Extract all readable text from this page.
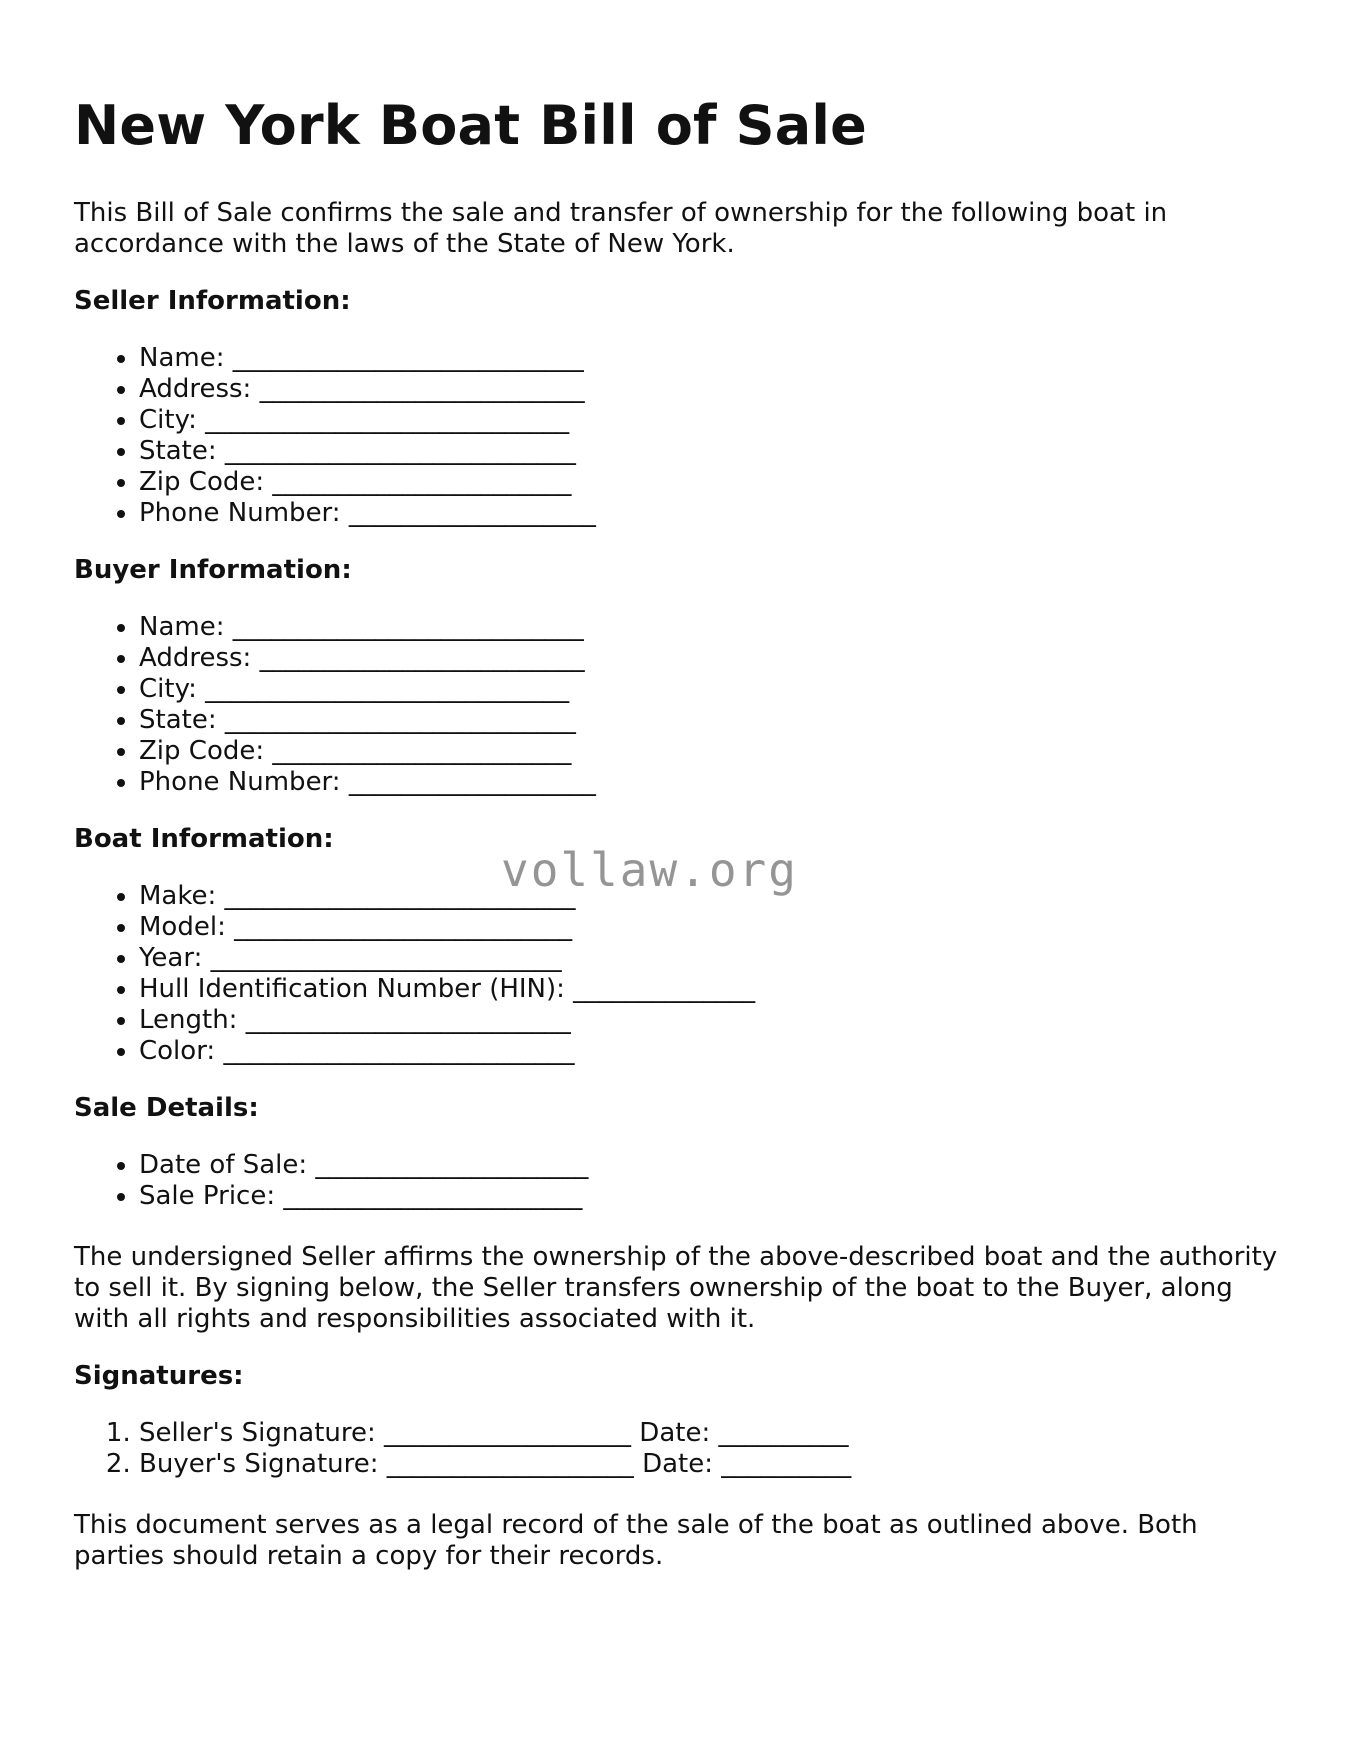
New York Boat Bill of Sale

This Bill of Sale confirms the sale and transfer of ownership for the following boat in accordance with the laws of the State of New York.

Seller Information:
• Name: ___________________________
• Address: _________________________
• City: ____________________________
• State: ___________________________
• Zip Code: _______________________
• Phone Number: ___________________
Buyer Information:
• Name: ___________________________
• Address: _________________________
• City: ____________________________
• State: ___________________________
• Zip Code: _______________________
• Phone Number: ___________________
Boat Information:
• Make: ___________________________
• Model: __________________________
• Year: ___________________________
• Hull Identification Number (HIN): ______________
• Length: _________________________
• Color: ___________________________
Sale Details:
• Date of Sale: _____________________
• Sale Price: _______________________

The undersigned Seller affirms the ownership of the above-described boat and the authority to sell it. By signing below, the Seller transfers ownership of the boat to the Buyer, along with all rights and responsibilities associated with it.

Signatures:
1. Seller's Signature: ___________________ Date: __________
2. Buyer's Signature: ___________________ Date: __________

This document serves as a legal record of the sale of the boat as outlined above. Both parties should retain a copy for their records.

vollaw.org
